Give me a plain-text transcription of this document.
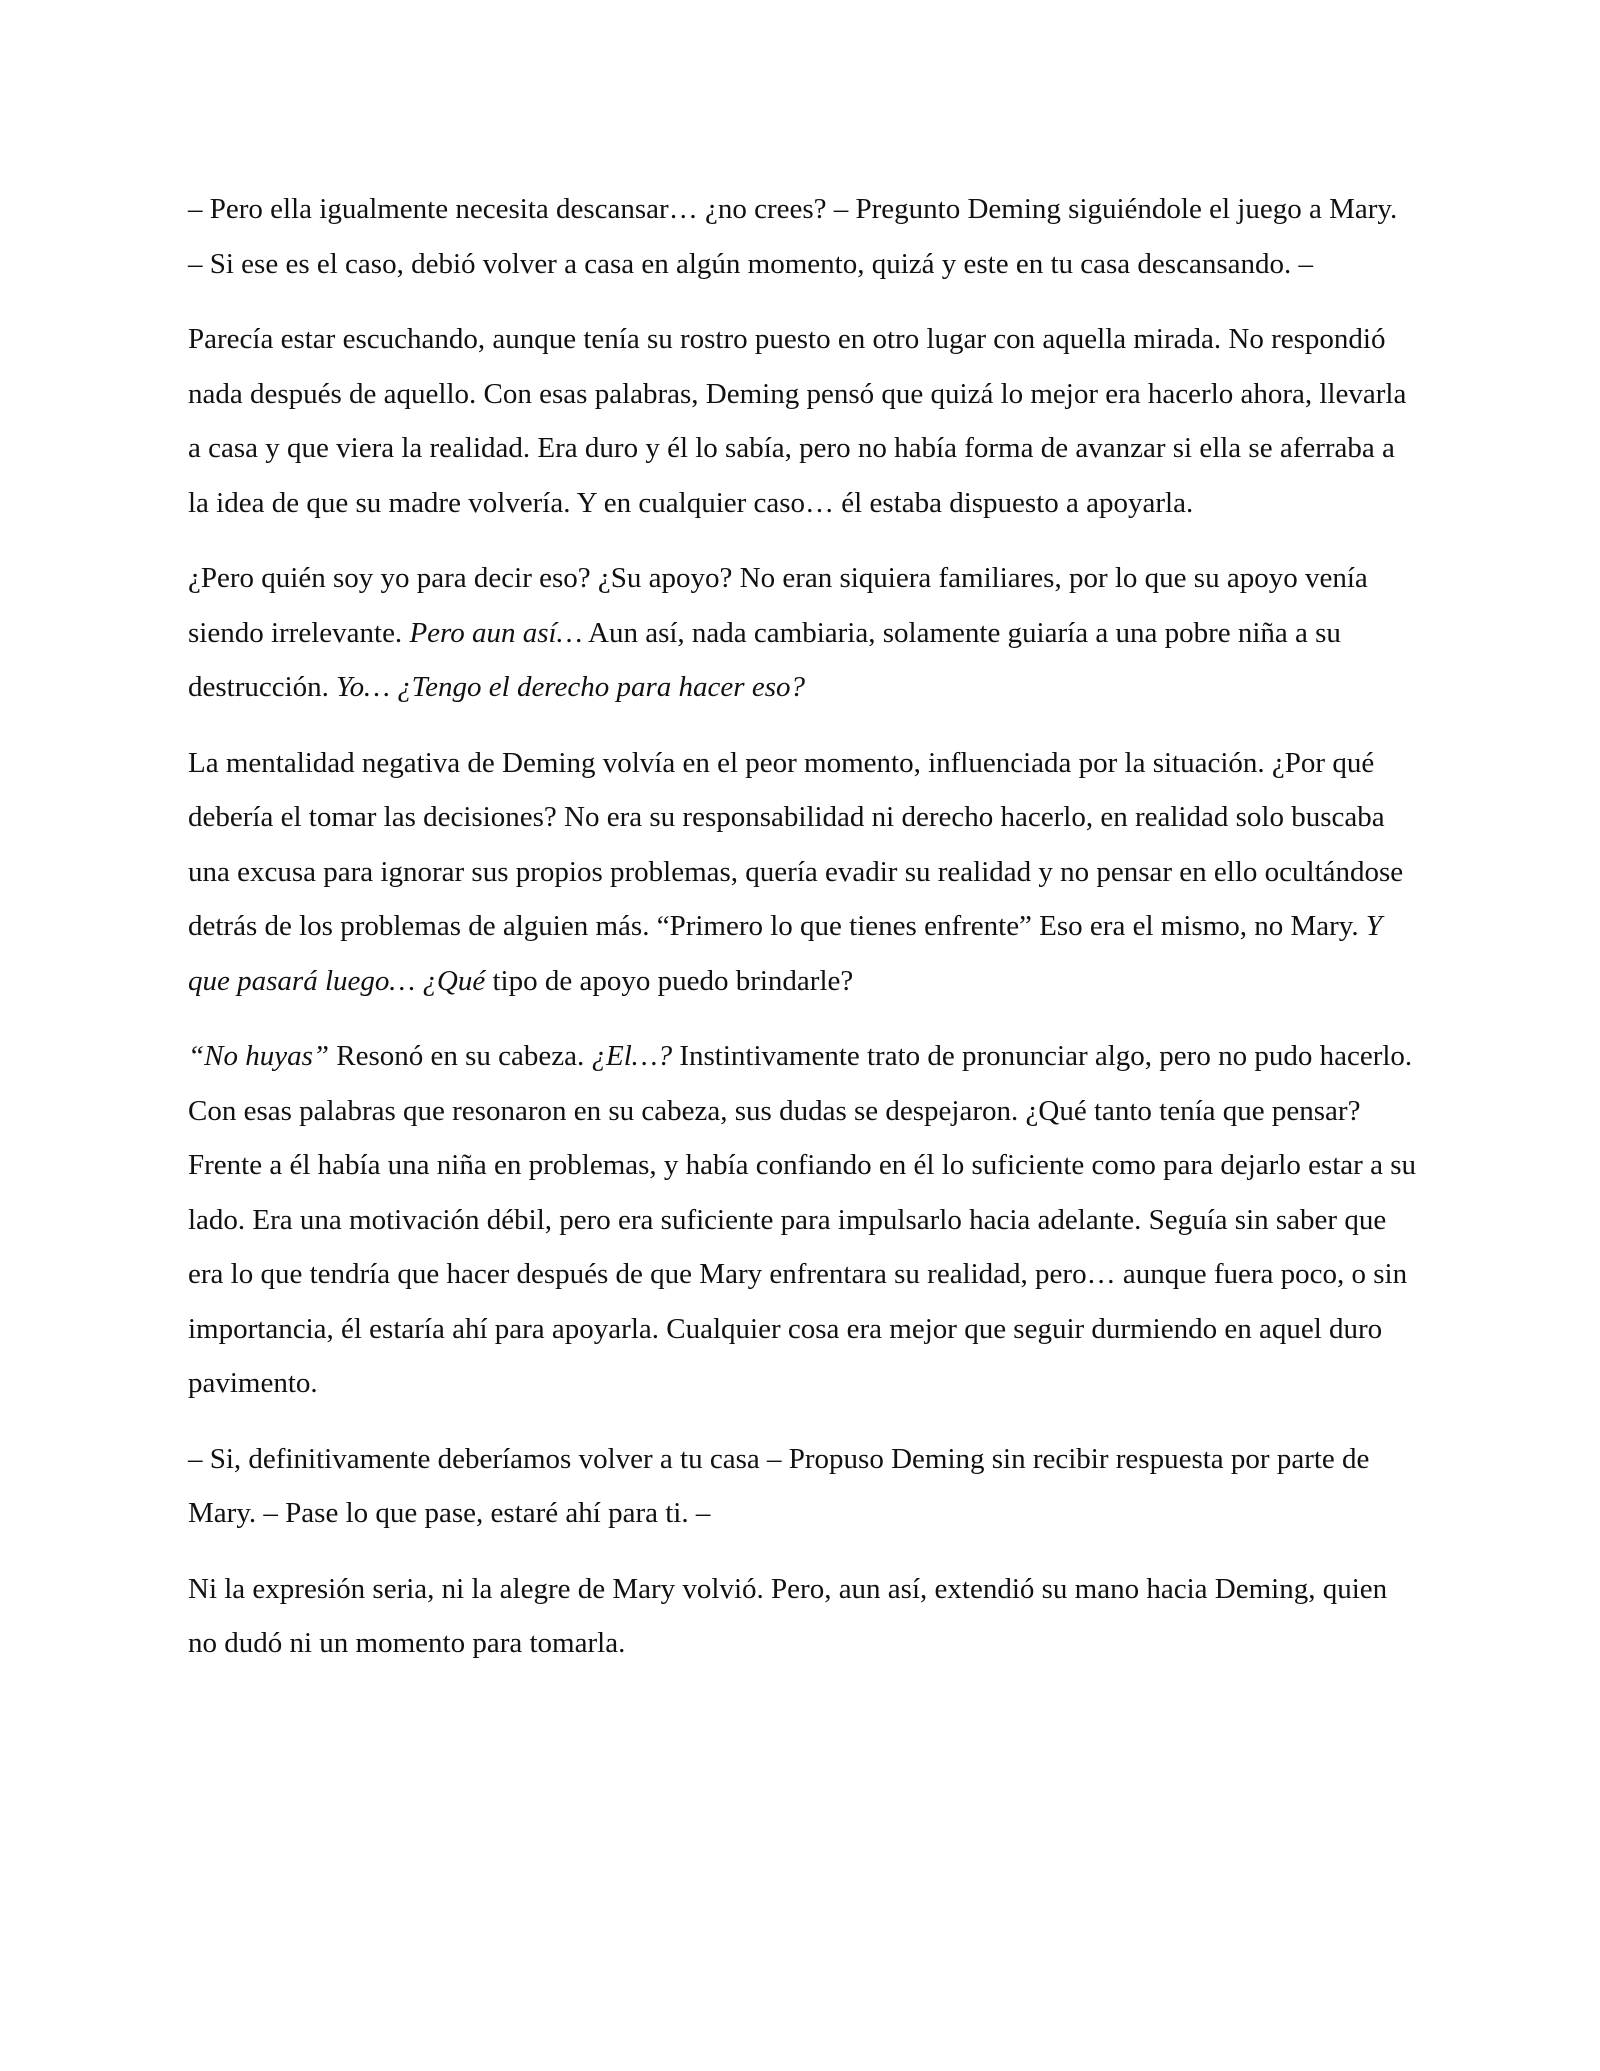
– Pero ella igualmente necesita descansar… ¿no crees? – Pregunto Deming siguiéndole el juego a Mary. – Si ese es el caso, debió volver a casa en algún momento, quizá y este en tu casa descansando. –

Parecía estar escuchando, aunque tenía su rostro puesto en otro lugar con aquella mirada. No respondió nada después de aquello. Con esas palabras, Deming pensó que quizá lo mejor era hacerlo ahora, llevarla a casa y que viera la realidad. Era duro y él lo sabía, pero no había forma de avanzar si ella se aferraba a la idea de que su madre volvería. Y en cualquier caso… él estaba dispuesto a apoyarla.

¿Pero quién soy yo para decir eso? ¿Su apoyo? No eran siquiera familiares, por lo que su apoyo venía siendo irrelevante. Pero aun así… Aun así, nada cambiaria, solamente guiaría a una pobre niña a su destrucción. Yo… ¿Tengo el derecho para hacer eso?

La mentalidad negativa de Deming volvía en el peor momento, influenciada por la situación. ¿Por qué debería el tomar las decisiones? No era su responsabilidad ni derecho hacerlo, en realidad solo buscaba una excusa para ignorar sus propios problemas, quería evadir su realidad y no pensar en ello ocultándose detrás de los problemas de alguien más. “Primero lo que tienes enfrente” Eso era el mismo, no Mary. Y que pasará luego… ¿Qué tipo de apoyo puedo brindarle?

“No huyas” Resonó en su cabeza. ¿El…? Instintivamente trato de pronunciar algo, pero no pudo hacerlo. Con esas palabras que resonaron en su cabeza, sus dudas se despejaron. ¿Qué tanto tenía que pensar? Frente a él había una niña en problemas, y había confiando en él lo suficiente como para dejarlo estar a su lado. Era una motivación débil, pero era suficiente para impulsarlo hacia adelante. Seguía sin saber que era lo que tendría que hacer después de que Mary enfrentara su realidad, pero… aunque fuera poco, o sin importancia, él estaría ahí para apoyarla. Cualquier cosa era mejor que seguir durmiendo en aquel duro pavimento.

– Si, definitivamente deberíamos volver a tu casa – Propuso Deming sin recibir respuesta por parte de Mary. – Pase lo que pase, estaré ahí para ti. –

Ni la expresión seria, ni la alegre de Mary volvió. Pero, aun así, extendió su mano hacia Deming, quien no dudó ni un momento para tomarla.
